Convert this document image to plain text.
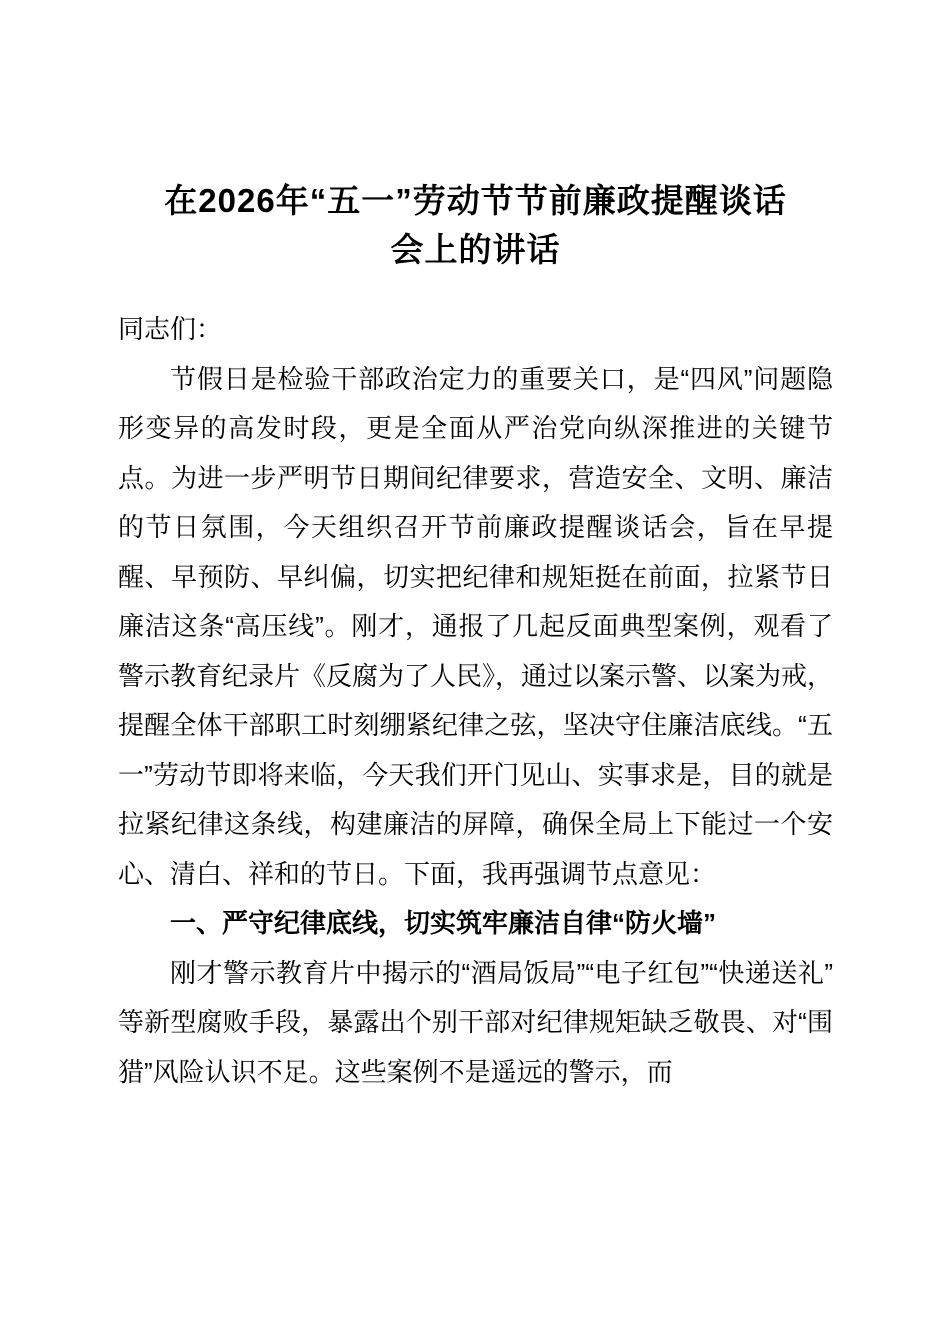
在2026年“五一”劳动节节前廉政提醒谈话
会上的讲话

同志们：

节假日是检验干部政治定力的重要关口，是“四风”问题隐形变异的高发时段，更是全面从严治党向纵深推进的关键节点。为进一步严明节日期间纪律要求，营造安全、文明、廉洁的节日氛围，今天组织召开节前廉政提醒谈话会，旨在早提醒、早预防、早纠偏，切实把纪律和规矩挺在前面，拉紧节日廉洁这条“高压线”。刚才，通报了几起反面典型案例，观看了警示教育纪录片《反腐为了人民》，通过以案示警、以案为戒，提醒全体干部职工时刻绷紧纪律之弦，坚决守住廉洁底线。“五一”劳动节即将来临，今天我们开门见山、实事求是，目的就是拉紧纪律这条线，构建廉洁的屏障，确保全局上下能过一个安心、清白、祥和的节日。下面，我再强调节点意见：

一、严守纪律底线，切实筑牢廉洁自律“防火墙”

刚才警示教育片中揭示的“酒局饭局”“电子红包”“快递送礼”等新型腐败手段，暴露出个别干部对纪律规矩缺乏敬畏、对“围猎”风险认识不足。这些案例不是遥远的警示，而
